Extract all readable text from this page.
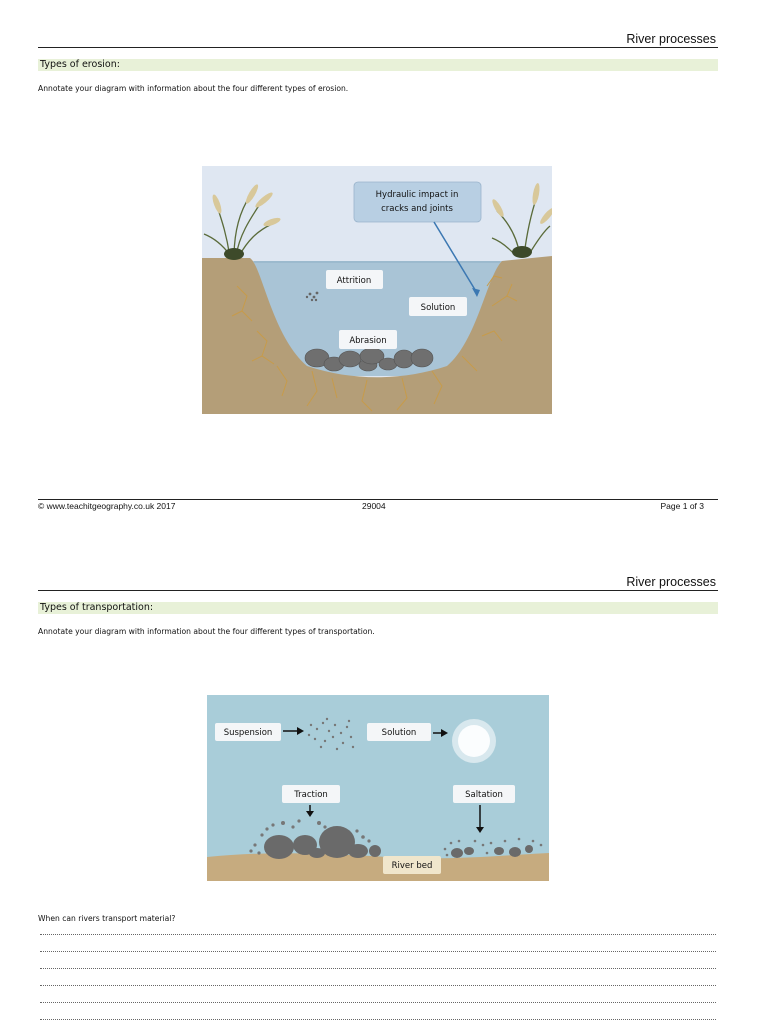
River processes
Types of erosion:
Annotate your diagram with information about the four different types of erosion.
Hydraulic impact in
cracks and joints
Attrition
Solution
Abrasion
© www.teachitgeography.co.uk 2017	29004	Page 1 of 3
River processes
Types of transportation:
Annotate your diagram with information about the four different types of transportation.
Suspension	Solution
Traction	Saltation
River bed
When can rivers transport material?
